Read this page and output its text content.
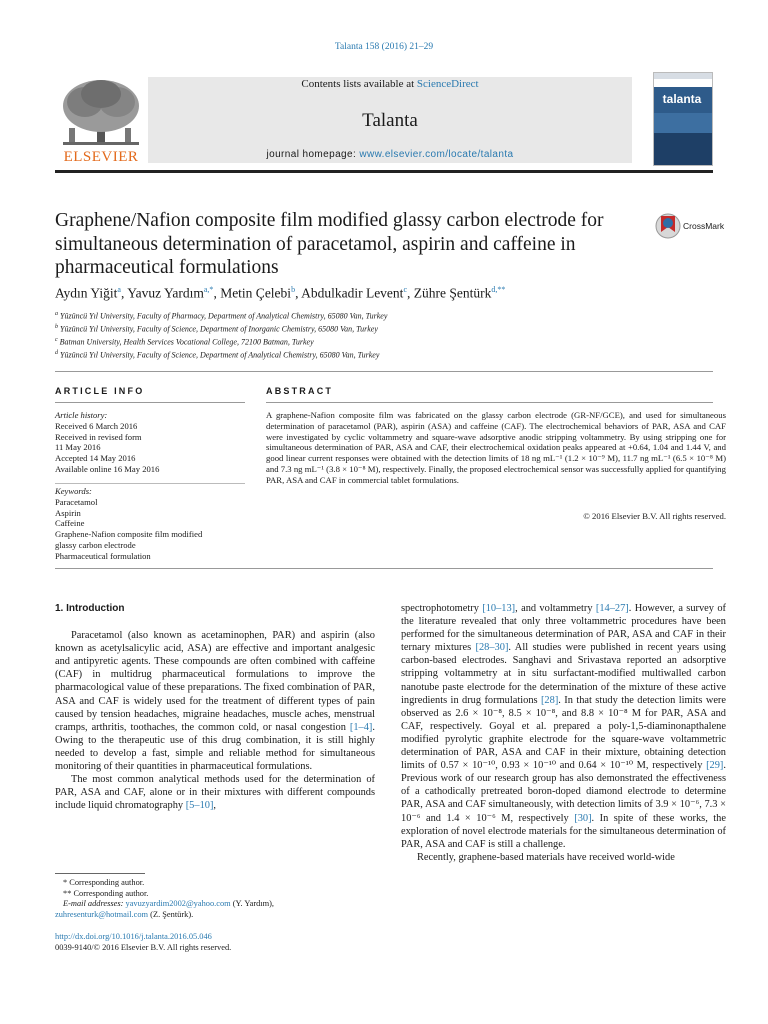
Talanta 158 (2016) 21–29
ELSEVIER
Contents lists available at ScienceDirect
Talanta
journal homepage: www.elsevier.com/locate/talanta
talanta
Graphene/Nafion composite film modified glassy carbon electrode for simultaneous determination of paracetamol, aspirin and caffeine in pharmaceutical formulations
CrossMark
Aydın Yiğit$^a$, Yavuz Yardım$^{a,*}$, Metin Çelebi$^b$, Abdulkadir Levent$^c$, Zühre Şentürk$^{d,**}$
$^a$ Yüzüncü Yıl University, Faculty of Pharmacy, Department of Analytical Chemistry, 65080 Van, Turkey
$^b$ Yüzüncü Yıl University, Faculty of Science, Department of Inorganic Chemistry, 65080 Van, Turkey
$^c$ Batman University, Health Services Vocational College, 72100 Batman, Turkey
$^d$ Yüzüncü Yıl University, Faculty of Science, Department of Analytical Chemistry, 65080 Van, Turkey
ARTICLE INFO	ABSTRACT
Article history:
Received 6 March 2016
Received in revised form
11 May 2016
Accepted 14 May 2016
Available online 16 May 2016
Keywords:
Paracetamol
Aspirin
Caffeine
Graphene-Nafion composite film modified
glassy carbon electrode
Pharmaceutical formulation
A graphene-Nafion composite film was fabricated on the glassy carbon electrode (GR-NF/GCE), and used for simultaneous determination of paracetamol (PAR), aspirin (ASA) and caffeine (CAF). The electrochemical behaviors of PAR, ASA and CAF were investigated by cyclic voltammetry and square-wave adsorptive anodic stripping voltammetry. By using stripping one for simultaneous determination of PAR, ASA and CAF, their electrochemical oxidation peaks appeared at +0.64, 1.04 and 1.44 V, and good linear current responses were obtained with the detection limits of 18 ng mL⁻¹ (1.2 × 10⁻⁹ M), 11.7 ng mL⁻¹ (6.5 × 10⁻⁸ M) and 7.3 ng mL⁻¹ (3.8 × 10⁻⁸ M), respectively. Finally, the proposed electrochemical sensor was successfully applied for quantifying PAR, ASA and CAF in commercial tablet formulations.
© 2016 Elsevier B.V. All rights reserved.
1. Introduction

Paracetamol (also known as acetaminophen, PAR) and aspirin (also known as acetylsalicylic acid, ASA) are effective and important analgesic and antipyretic agents. These compounds are often combined with caffeine (CAF) in multidrug pharmaceutical formulations to improve the pharmacological value of these preparations. The fixed combination of PAR, ASA and CAF is widely used for the treatment of different types of pain caused by tension headaches, migraine headaches, muscle aches, menstrual cramps, arthritis, toothaches, the common cold, or nasal congestion [1–4]. Owing to the therapeutic use of this drug combination, it is still highly needed to develop a fast, simple and reliable method for simultaneous monitoring of their quantities in pharmaceutical formulations.

The most common analytical methods used for the determination of PAR, ASA and CAF, alone or in their mixtures with different compounds include liquid chromatography [5–10],

spectrophotometry [10–13], and voltammetry [14–27]. However, a survey of the literature revealed that only three voltammetric procedures have been performed for the simultaneous determination of PAR, ASA and CAF in their ternary mixtures [28–30]. All studies were published in recent years using carbon-based electrodes. Sanghavi and Srivastava reported an adsorptive stripping voltammetry at in situ surfactant-modified multiwalled carbon nanotube paste electrode for the determination of the mixture of these active ingredients in drug formulations [28]. In that study the detection limits were observed as 2.6 × 10⁻⁸, 8.5 × 10⁻⁸, and 8.8 × 10⁻⁸ M for PAR, ASA and CAF, respectively. Goyal et al. prepared a poly-1,5-diaminonapthalene modified pyrolytic graphite electrode for the square-wave voltammetric determination of PAR, ASA and CAF in their mixture, obtaining detection limits of 0.57 × 10⁻¹⁰, 0.93 × 10⁻¹⁰ and 0.64 × 10⁻¹⁰ M, respectively [29]. Previous work of our research group has also demonstrated the effectiveness of a cathodically pretreated boron-doped diamond electrode to determine PAR, ASA and CAF simultaneously, with detection limits of 3.9 × 10⁻⁶, 7.3 × 10⁻⁶ and 1.4 × 10⁻⁶ M, respectively [30]. In spite of these works, the exploration of novel electrode materials for the simultaneous determination of PAR, ASA and CAF is still a challenge.

Recently, graphene-based materials have received world-wide

* Corresponding author.
** Corresponding author.
E-mail addresses: yavuzyardim2002@yahoo.com (Y. Yardım),
zuhresenturk@hotmail.com (Z. Şentürk).
http://dx.doi.org/10.1016/j.talanta.2016.05.046
0039-9140/© 2016 Elsevier B.V. All rights reserved.
